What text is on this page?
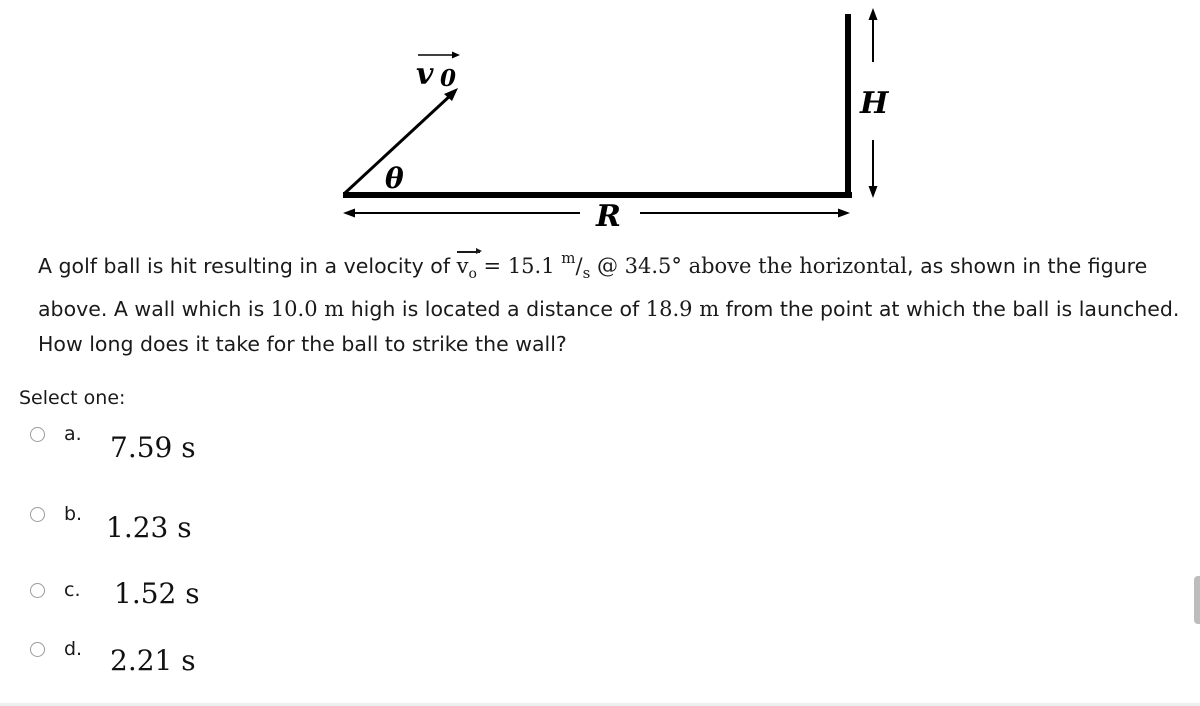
v 0
θ
R
H
A golf ball is hit resulting in a velocity of $v_o$
= 15.1 $^m/_s$ @ 34.5° above the horizontal, as shown in the figure above. A wall which is 10.0 m high is located a distance of 18.9 m from the point at which the ball is launched. How long does it take for the ball to strike the wall?
Select one:
a. 7.59 s
b. 1.23 s
c. 1.52 s
d. 2.21 s
